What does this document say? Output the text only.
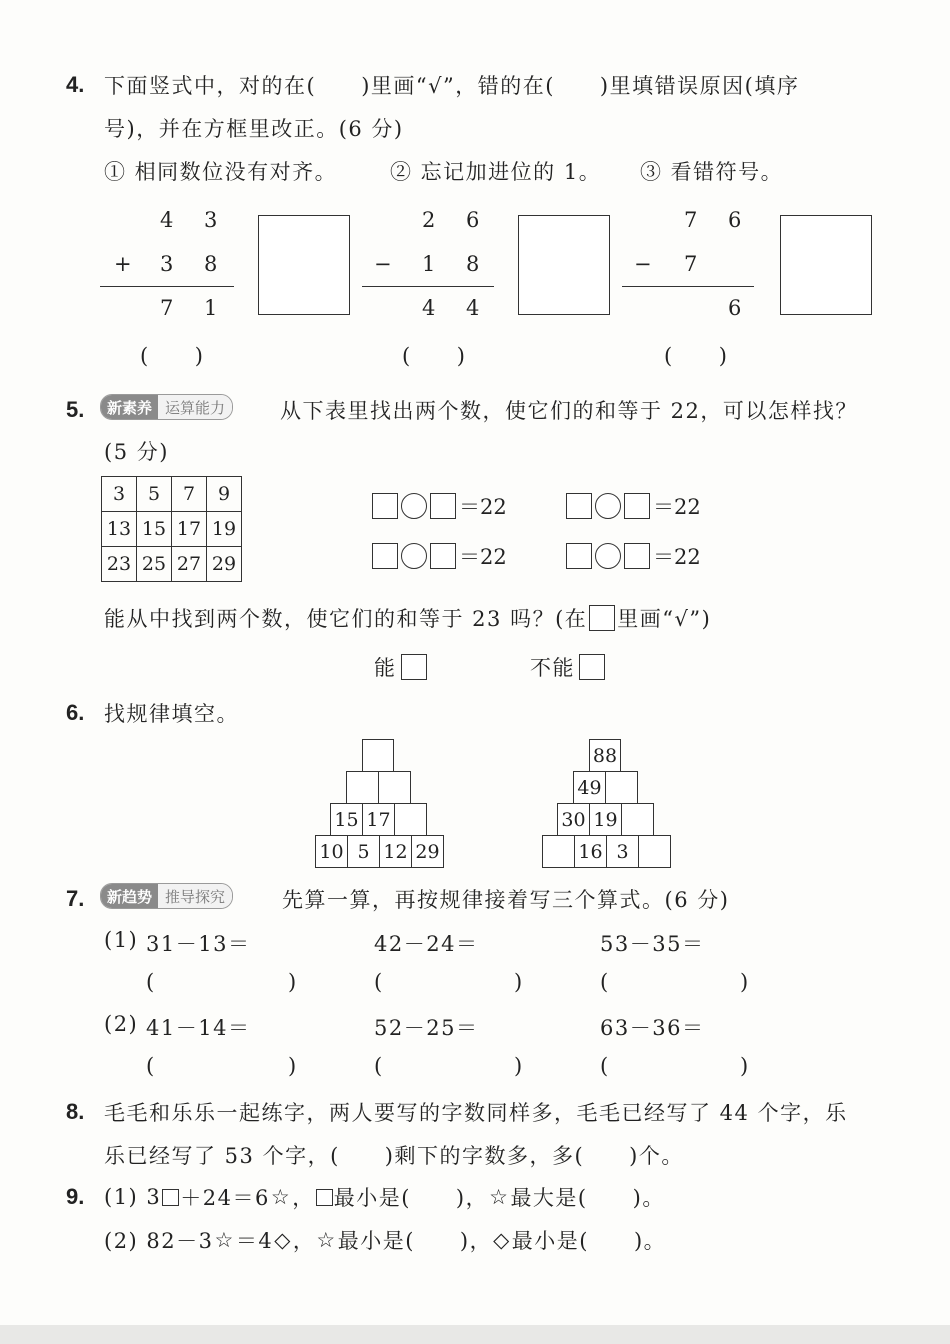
4. 下面竖式中，对的在(　　)里画“√”，错的在(　　)里填错误原因(填序
号)，并在方框里改正。(6 分)
① 相同数位没有对齐。	② 忘记加进位的 1。 ③ 看错符号。
4 3
+ 3 8
7 1
(　　)
2 6
− 1 8
4 4
(　　)
7 6
− 7
6
(　　)
5.	新素养 运算能力	从下表里找出两个数，使它们的和等于 22，可以怎样找？
(5 分)
3	5	7	9
13	15	17	19
23	25	27	29
＝22	＝22
＝22	＝22
能从中找到两个数，使它们的和等于 23 吗？(在 里画“√”)
能	不能
6. 找规律填空。
15 17
10 5 12 29
88
49
30 19
16 3
7.	新趋势 推导探究	先算一算，再按规律接着写三个算式。(6 分)
(1) 31－13＝	42－24＝	53－35＝
(	)	(	)	(	)
(2) 41－14＝	52－25＝	63－36＝
(	)	(	)	(	)
8. 毛毛和乐乐一起练字，两人要写的字数同样多，毛毛已经写了 44 个字，乐
乐已经写了 53 个字，(　　)剩下的字数多，多(　　)个。
9. (1) 3 ＋24＝6 ☆ ， 最小是(　　)， ☆ 最大是(　　)。
(2) 82－3 ☆ ＝4 ◇ ， ☆ 最小是(　　)， ◇ 最小是(　　)。
